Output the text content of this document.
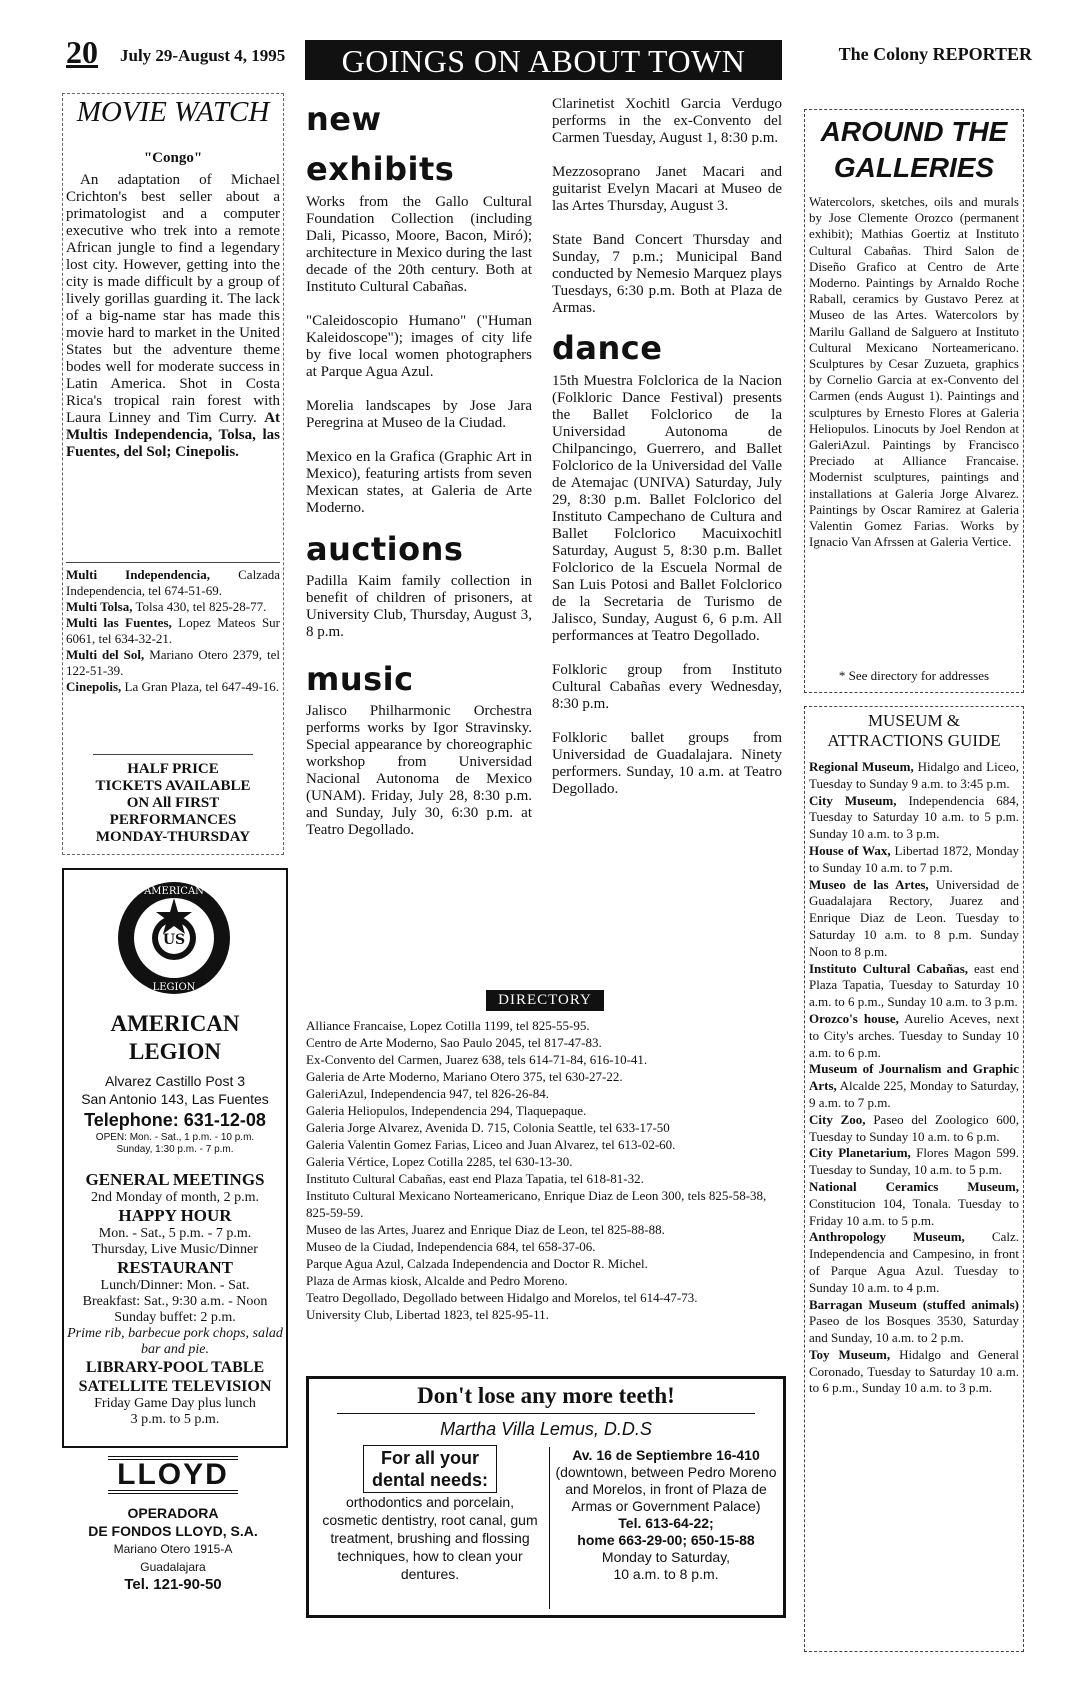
20 July 29-August 4, 1995	GOINGS ON ABOUT TOWN	The Colony REPORTER
MOVIE WATCH
"Congo"
An adaptation of Michael Crichton's best seller about a primatologist and a computer executive who trek into a remote African jungle to find a legendary lost city. However, getting into the city is made difficult by a group of lively gorillas guarding it. The lack of a big-name star has made this movie hard to market in the United States but the adventure theme bodes well for moderate success in Latin America. Shot in Costa Rica's tropical rain forest with Laura Linney and Tim Curry. At Multis Independencia, Tolsa, las Fuentes, del Sol; Cinepolis.
Multi Independencia, Calzada Independencia, tel 674-51-69.
Multi Tolsa, Tolsa 430, tel 825-28-77.
Multi las Fuentes, Lopez Mateos Sur 6061, tel 634-32-21.
Multi del Sol, Mariano Otero 2379, tel 122-51-39.
Cinepolis, La Gran Plaza, tel 647-49-16.
HALF PRICE TICKETS AVAILABLE ON All FIRST PERFORMANCES MONDAY-THURSDAY
US
AMERICAN
LEGION
AMERICAN
LEGION
Alvarez Castillo Post 3
San Antonio 143, Las Fuentes
Telephone: 631-12-08
OPEN: Mon. - Sat., 1 p.m. - 10 p.m.
Sunday, 1:30 p.m. - 7 p.m.
GENERAL MEETINGS
2nd Monday of month, 2 p.m.
HAPPY HOUR
Mon. - Sat., 5 p.m. - 7 p.m.
Thursday, Live Music/Dinner
RESTAURANT
Lunch/Dinner: Mon. - Sat.
Breakfast: Sat., 9:30 a.m. - Noon
Sunday buffet: 2 p.m.
Prime rib, barbecue pork chops, salad bar and pie.
LIBRARY-POOL TABLE
SATELLITE TELEVISION
Friday Game Day plus lunch
3 p.m. to 5 p.m.
LLOYD
OPERADORA
DE FONDOS LLOYD, S.A.
Mariano Otero 1915-A
Guadalajara
Tel. 121-90-50
new exhibits

Works from the Gallo Cultural Foundation Collection (including Dali, Picasso, Moore, Bacon, Miró); architecture in Mexico during the last decade of the 20th century. Both at Instituto Cultural Cabañas.

"Caleidoscopio Humano" ("Human Kaleidoscope"); images of city life by five local women photographers at Parque Agua Azul.

Morelia landscapes by Jose Jara Peregrina at Museo de la Ciudad.

Mexico en la Grafica (Graphic Art in Mexico), featuring artists from seven Mexican states, at Galeria de Arte Moderno.

auctions

Padilla Kaim family collection in benefit of children of prisoners, at University Club, Thursday, August 3, 8 p.m.

music

Jalisco Philharmonic Orchestra performs works by Igor Stravinsky. Special appearance by choreographic workshop from Universidad Nacional Autonoma de Mexico (UNAM). Friday, July 28, 8:30 p.m. and Sunday, July 30, 6:30 p.m. at Teatro Degollado.

Clarinetist Xochitl Garcia Verdugo performs in the ex-Convento del Carmen Tuesday, August 1, 8:30 p.m.

Mezzosoprano Janet Macari and guitarist Evelyn Macari at Museo de las Artes Thursday, August 3.

State Band Concert Thursday and Sunday, 7 p.m.; Municipal Band conducted by Nemesio Marquez plays Tuesdays, 6:30 p.m. Both at Plaza de Armas.

dance

15th Muestra Folclorica de la Nacion (Folkloric Dance Festival) presents the Ballet Folclorico de la Universidad Autonoma de Chilpancingo, Guerrero, and Ballet Folclorico de la Universidad del Valle de Atemajac (UNIVA) Saturday, July 29, 8:30 p.m. Ballet Folclorico del Instituto Campechano de Cultura and Ballet Folclorico Macuixochitl Saturday, August 5, 8:30 p.m. Ballet Folclorico de la Escuela Normal de San Luis Potosi and Ballet Folclorico de la Secretaria de Turismo de Jalisco, Sunday, August 6, 6 p.m. All performances at Teatro Degollado.

Folkloric group from Instituto Cultural Cabañas every Wednesday, 8:30 p.m.

Folkloric ballet groups from Universidad de Guadalajara. Ninety performers. Sunday, 10 a.m. at Teatro Degollado.

DIRECTORY
Alliance Francaise, Lopez Cotilla 1199, tel 825-55-95.
Centro de Arte Moderno, Sao Paulo 2045, tel 817-47-83.
Ex-Convento del Carmen, Juarez 638, tels 614-71-84, 616-10-41.
Galeria de Arte Moderno, Mariano Otero 375, tel 630-27-22.
GaleriAzul, Independencia 947, tel 826-26-84.
Galeria Heliopulos, Independencia 294, Tlaquepaque.
Galeria Jorge Alvarez, Avenida D. 715, Colonia Seattle, tel 633-17-50
Galeria Valentin Gomez Farias, Liceo and Juan Alvarez, tel 613-02-60.
Galeria Vértice, Lopez Cotilla 2285, tel 630-13-30.
Instituto Cultural Cabañas, east end Plaza Tapatia, tel 618-81-32.
Instituto Cultural Mexicano Norteamericano, Enrique Diaz de Leon 300, tels 825-58-38, 825-59-59.
Museo de las Artes, Juarez and Enrique Diaz de Leon, tel 825-88-88.
Museo de la Ciudad, Independencia 684, tel 658-37-06.
Parque Agua Azul, Calzada Independencia and Doctor R. Michel.
Plaza de Armas kiosk, Alcalde and Pedro Moreno.
Teatro Degollado, Degollado between Hidalgo and Morelos, tel 614-47-73.
University Club, Libertad 1823, tel 825-95-11.
Don't lose any more teeth!
Martha Villa Lemus, D.D.S
For all your
dental needs:
orthodontics and porcelain, cosmetic dentistry, root canal, gum treatment, brushing and flossing techniques, how to clean your dentures.
Av. 16 de Septiembre 16-410
(downtown, between Pedro Moreno and Morelos, in front of Plaza de Armas or Government Palace)
Tel. 613-64-22;
home 663-29-00; 650-15-88
Monday to Saturday,
10 a.m. to 8 p.m.
AROUND THE
GALLERIES

Watercolors, sketches, oils and murals by Jose Clemente Orozco (permanent exhibit); Mathias Goertiz at Instituto Cultural Cabañas. Third Salon de Diseño Grafico at Centro de Arte Moderno. Paintings by Arnaldo Roche Raball, ceramics by Gustavo Perez at Museo de las Artes. Watercolors by Marilu Galland de Salguero at Instituto Cultural Mexicano Norteamericano. Sculptures by Cesar Zuzueta, graphics by Cornelio Garcia at ex-Convento del Carmen (ends August 1). Paintings and sculptures by Ernesto Flores at Galeria Heliopulos. Linocuts by Joel Rendon at GaleriAzul. Paintings by Francisco Preciado at Alliance Francaise. Modernist sculptures, paintings and installations at Galeria Jorge Alvarez. Paintings by Oscar Ramirez at Galeria Valentin Gomez Farias. Works by Ignacio Van Afrssen at Galeria Vertice.

* See directory for addresses
MUSEUM &
ATTRACTIONS GUIDE
Regional Museum, Hidalgo and Liceo, Tuesday to Sunday 9 a.m. to 3:45 p.m.
City Museum, Independencia 684, Tuesday to Saturday 10 a.m. to 5 p.m. Sunday 10 a.m. to 3 p.m.
House of Wax, Libertad 1872, Monday to Sunday 10 a.m. to 7 p.m.
Museo de las Artes, Universidad de Guadalajara Rectory, Juarez and Enrique Diaz de Leon. Tuesday to Saturday 10 a.m. to 8 p.m. Sunday Noon to 8 p.m.
Instituto Cultural Cabañas, east end Plaza Tapatia, Tuesday to Saturday 10 a.m. to 6 p.m., Sunday 10 a.m. to 3 p.m.
Orozco's house, Aurelio Aceves, next to City's arches. Tuesday to Sunday 10 a.m. to 6 p.m.
Museum of Journalism and Graphic Arts, Alcalde 225, Monday to Saturday, 9 a.m. to 7 p.m.
City Zoo, Paseo del Zoologico 600, Tuesday to Sunday 10 a.m. to 6 p.m.
City Planetarium, Flores Magon 599. Tuesday to Sunday, 10 a.m. to 5 p.m.
National Ceramics Museum, Constitucion 104, Tonala. Tuesday to Friday 10 a.m. to 5 p.m.
Anthropology Museum, Calz. Independencia and Campesino, in front of Parque Agua Azul. Tuesday to Sunday 10 a.m. to 4 p.m.
Barragan Museum (stuffed animals) Paseo de los Bosques 3530, Saturday and Sunday, 10 a.m. to 2 p.m.
Toy Museum, Hidalgo and General Coronado, Tuesday to Saturday 10 a.m. to 6 p.m., Sunday 10 a.m. to 3 p.m.
